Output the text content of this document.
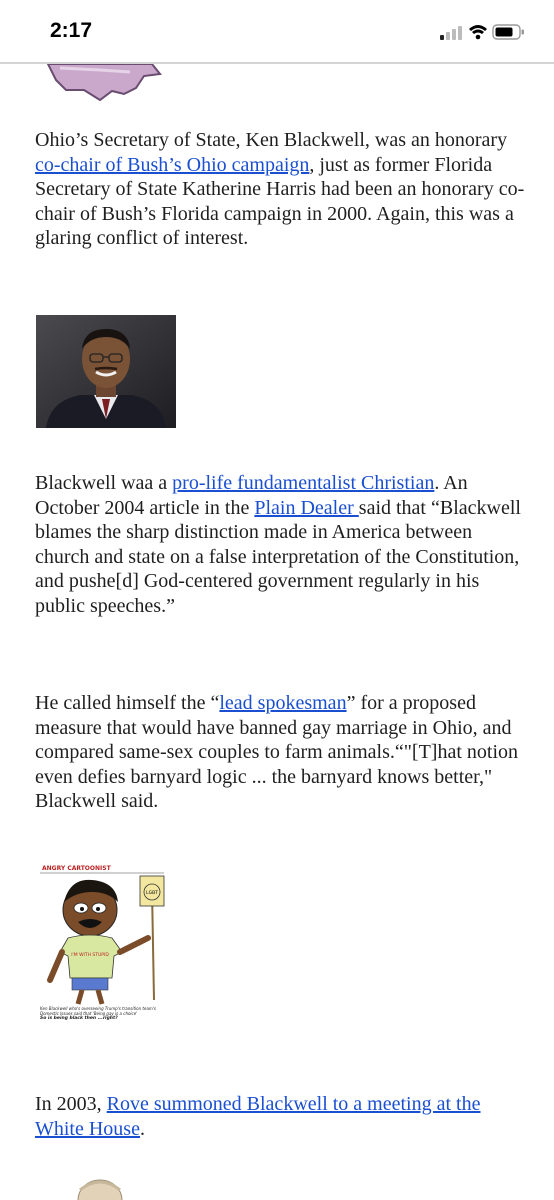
2:17

Ohio’s Secretary of State, Ken Blackwell, was an honorary co-chair of Bush’s Ohio campaign, just as former Florida Secretary of State Katherine Harris had been an honorary co-chair of Bush’s Florida campaign in 2000. Again, this was a glaring conflict of interest.

Blackwell waa a pro-life fundamentalist Christian. An October 2004 article in the Plain Dealer said that “Blackwell blames the sharp distinction made in America between church and state on a false interpretation of the Constitution, and pushe[d] God-centered government regularly in his public speeches.”

He called himself the “lead spokesman” for a proposed measure that would have banned gay marriage in Ohio, and compared same-sex couples to farm animals.“"[T]hat notion even defies barnyard logic ... the barnyard knows better," Blackwell said.

ANGRY CARTOONIST
LGBT
I'M WITH STUPID
Ken Blackwell who's overseeing Trump's transition team's Domestic Issues said that 'Being gay is a choice'
So is being black then ...right?

In 2003, Rove summoned Blackwell to a meeting at the White House.
